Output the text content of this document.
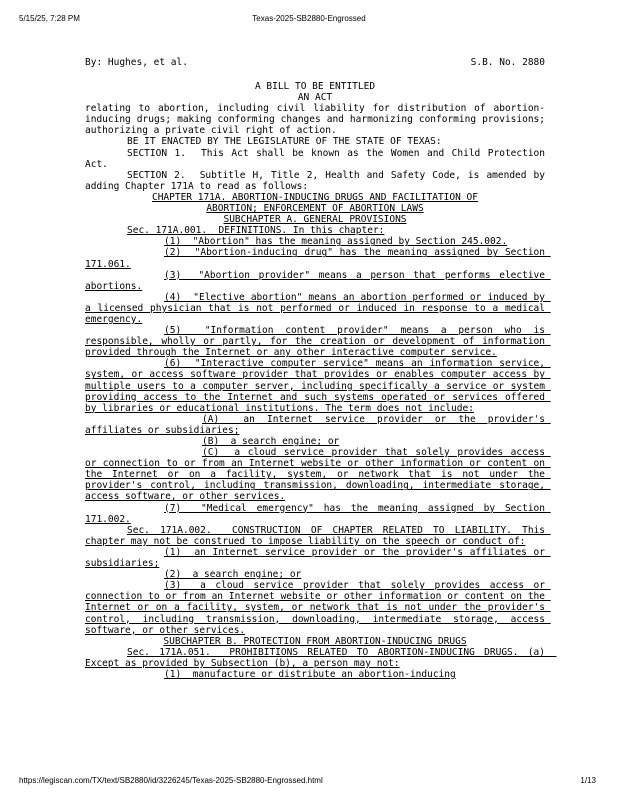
5/15/25, 7:28 PM	Texas-2025-SB2880-Engrossed
By: Hughes, et al.	S.B. No. 2880
A BILL TO BE ENTITLED
AN ACT
relating to abortion, including civil liability for distribution of abortion-inducing drugs; making conforming changes and harmonizing conforming provisions; authorizing a private civil right of action.
BE IT ENACTED BY THE LEGISLATURE OF THE STATE OF TEXAS:
SECTION 1.  This Act shall be known as the Women and Child Protection Act.
SECTION 2.  Subtitle H, Title 2, Health and Safety Code, is amended by adding Chapter 171A to read as follows:
CHAPTER 171A. ABORTION-INDUCING DRUGS AND FACILITATION OF
ABORTION; ENFORCEMENT OF ABORTION LAWS
SUBCHAPTER A. GENERAL PROVISIONS
Sec. 171A.001.  DEFINITIONS. In this chapter:
(1)  "Abortion" has the meaning assigned by Section 245.002.
(2)  "Abortion-inducing drug" has the meaning assigned by Section 171.061.
(3)  "Abortion provider" means a person that performs elective abortions.
(4)  "Elective abortion" means an abortion performed or induced by a licensed physician that is not performed or induced in response to a medical emergency.
(5)  "Information content provider" means a person who is responsible, wholly or partly, for the creation or development of information provided through the Internet or any other interactive computer service.
(6)  "Interactive computer service" means an information service, system, or access software provider that provides or enables computer access by multiple users to a computer server, including specifically a service or system providing access to the Internet and such systems operated or services offered by libraries or educational institutions. The term does not include:
(A)  an Internet service provider or the provider's affiliates or subsidiaries;
(B)  a search engine; or
(C)  a cloud service provider that solely provides access or connection to or from an Internet website or other information or content on the Internet or on a facility, system, or network that is not under the provider's control, including transmission, downloading, intermediate storage, access software, or other services.
(7)  "Medical emergency" has the meaning assigned by Section 171.002.
Sec. 171A.002.  CONSTRUCTION OF CHAPTER RELATED TO LIABILITY. This chapter may not be construed to impose liability on the speech or conduct of:
(1)  an Internet service provider or the provider's affiliates or subsidiaries;
(2)  a search engine; or
(3)  a cloud service provider that solely provides access or connection to or from an Internet website or other information or content on the Internet or on a facility, system, or network that is not under the provider's control, including transmission, downloading, intermediate storage, access software, or other services.
SUBCHAPTER B. PROTECTION FROM ABORTION-INDUCING DRUGS
Sec. 171A.051.  PROHIBITIONS RELATED TO ABORTION-INDUCING DRUGS. (a)  Except as provided by Subsection (b), a person may not:
(1)  manufacture or distribute an abortion-inducing
https://legiscan.com/TX/text/SB2880/id/3226245/Texas-2025-SB2880-Engrossed.html	1/13
